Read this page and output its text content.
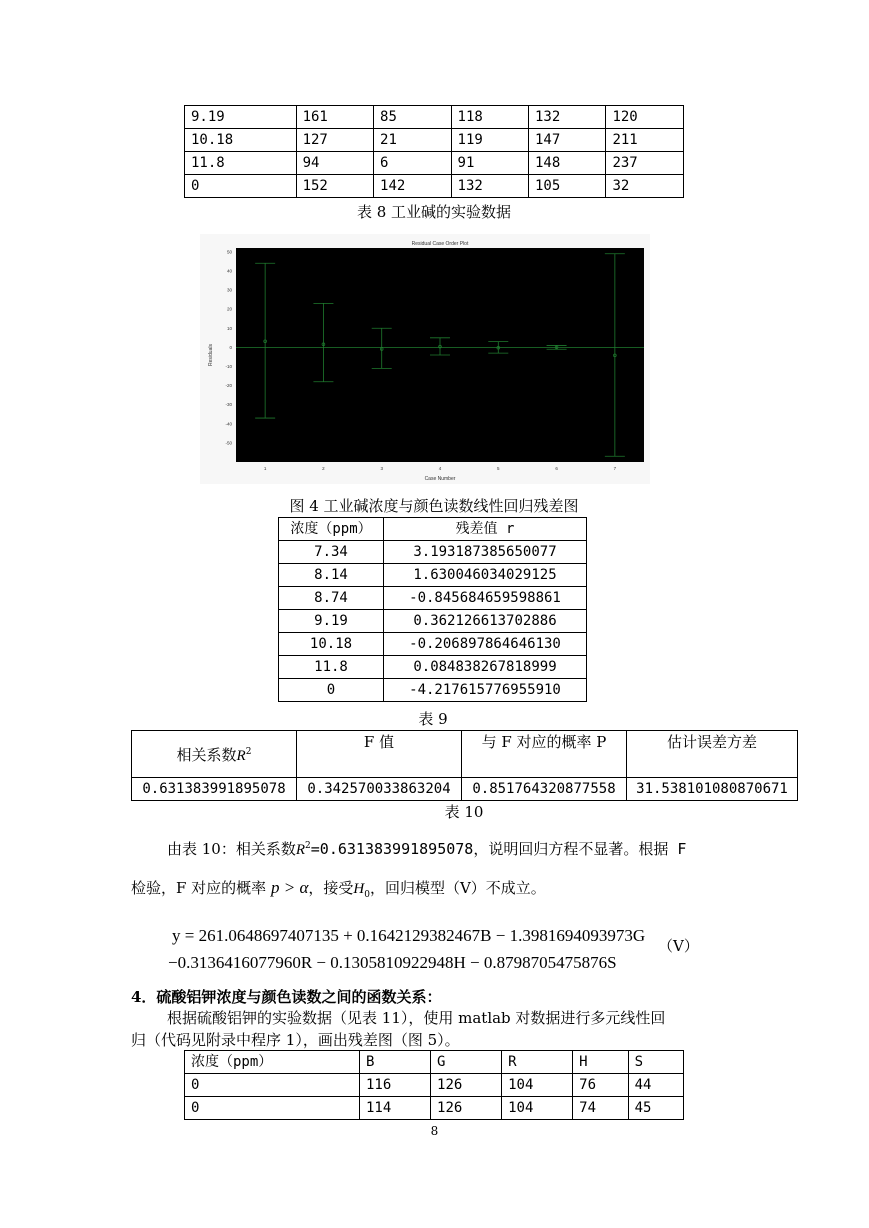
9.19	161	85	118	132	120
10.18	127	21	119	147	211
11.8	94	6	91	148	237
0	152	142	132	105	32
表 8 工业碱的实验数据
Residual Case Order Plot
Case Number
Residuals
50
40
30
20
10
0
-10
-20
-30
-40
-50
1	2	3	4	5	6	7
图 4 工业碱浓度与颜色读数线性回归残差图
浓度（ppm）	残差值 r
7.34	3.193187385650077
8.14	1.630046034029125
8.74	-0.845684659598861
9.19	0.362126613702886
10.18	-0.206897864646130
11.8	0.084838267818999
0	-4.217615776955910
表 9
相关系数$R^2$	F 值	与 F 对应的概率 P	估计误差方差
0.631383991895078	0.342570033863204	0.851764320877558	31.538101080870671
表 10
由表 10：相关系数$R^2=0.631383991895078$，说明回归方程不显著。根据 F
检验，F 对应的概率 p > α，接受$H_0$，回归模型（V）不成立。
y = 261.0648697407135 + 0.1642129382467B − 1.3981694093973G
−0.3136416077960R − 0.1305810922948H − 0.8798705475876S
（V）
4．硫酸铝钾浓度与颜色读数之间的函数关系：
根据硫酸铝钾的实验数据（见表 11），使用 matlab 对数据进行多元线性回
归（代码见附录中程序 1），画出残差图（图 5）。
浓度（ppm）	B	G	R	H	S
0	116	126	104	76	44
0	114	126	104	74	45
8
